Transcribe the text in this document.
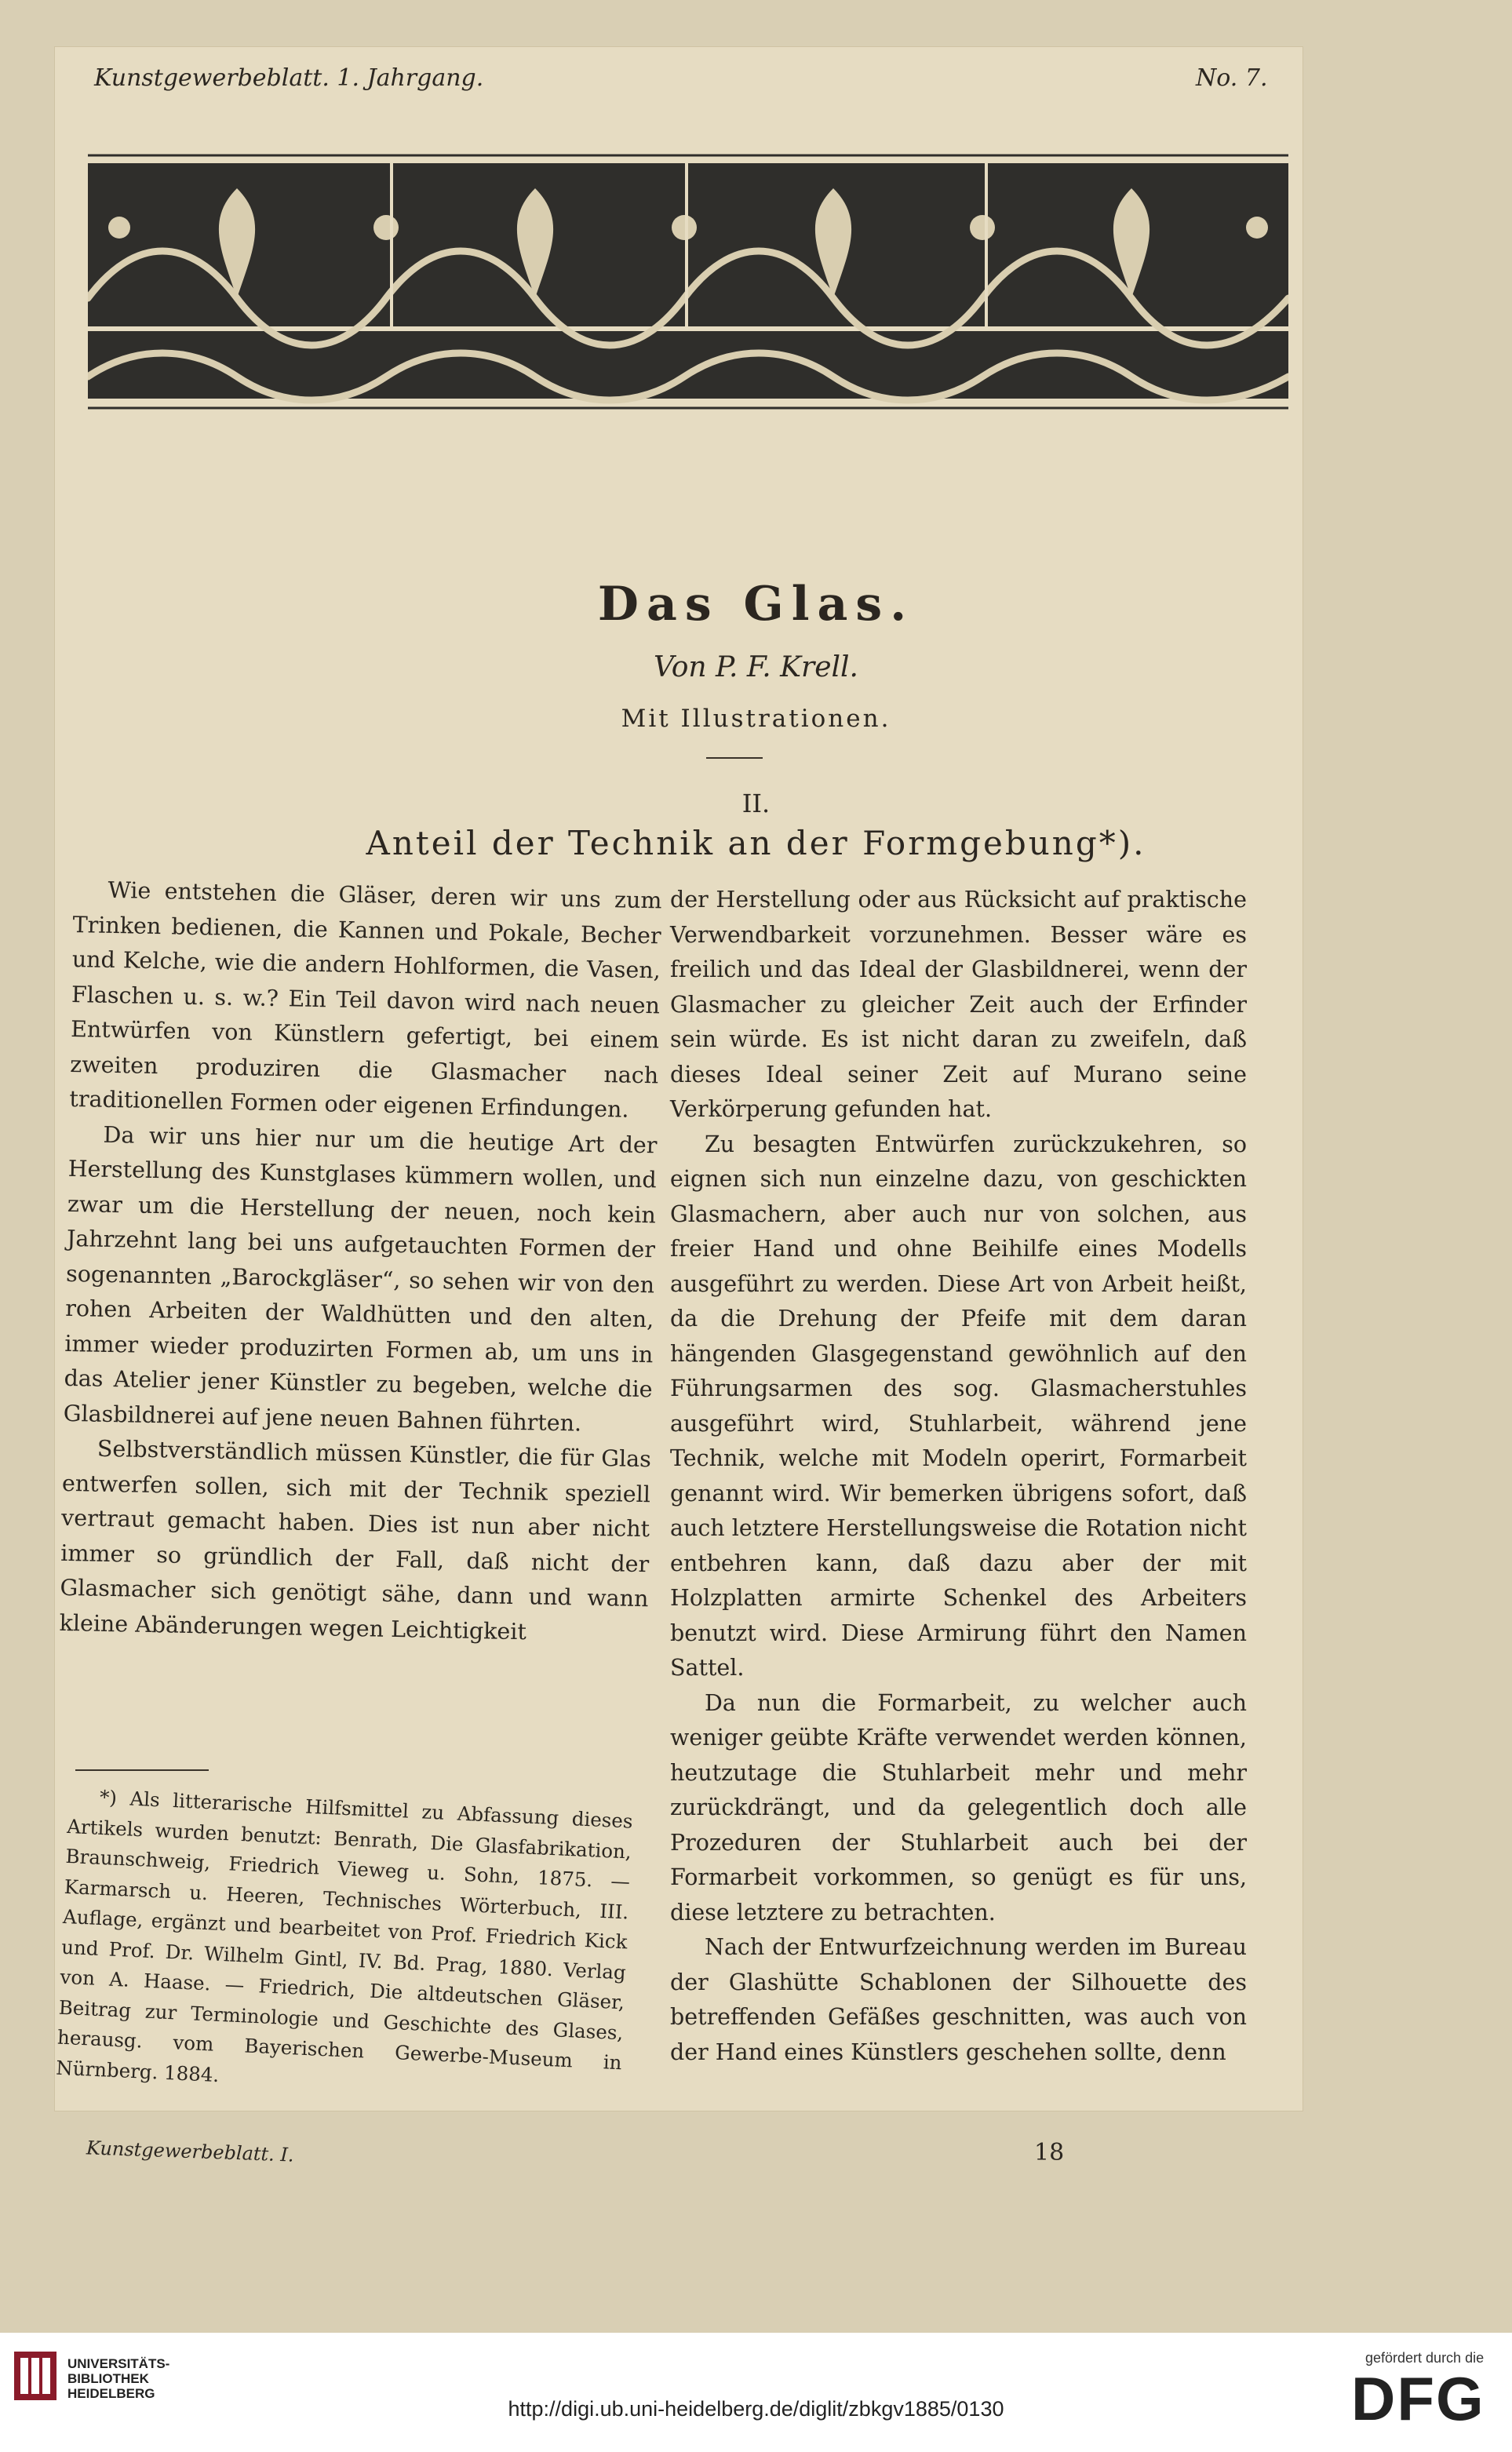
Kunstgewerbeblatt. 1. Jahrgang.	No. 7.
Das Glas.
Von P. F. Krell.
Mit Illustrationen.
II.
Anteil der Technik an der Formgebung*).

Wie entstehen die Gläser, deren wir uns zum Trinken bedienen, die Kannen und Pokale, Becher und Kelche, wie die andern Hohlformen, die Vasen, Flaschen u. s. w.? Ein Teil davon wird nach neuen Entwürfen von Künstlern gefertigt, bei einem zweiten produziren die Glasmacher nach traditionellen Formen oder eigenen Erfindungen.

Da wir uns hier nur um die heutige Art der Herstellung des Kunstglases kümmern wollen, und zwar um die Herstellung der neuen, noch kein Jahrzehnt lang bei uns aufgetauchten Formen der sogenannten „Barockgläser“, so sehen wir von den rohen Arbeiten der Waldhütten und den alten, immer wieder produzirten Formen ab, um uns in das Atelier jener Künstler zu begeben, welche die Glasbildnerei auf jene neuen Bahnen führten.

Selbstverständlich müssen Künstler, die für Glas entwerfen sollen, sich mit der Technik speziell vertraut gemacht haben. Dies ist nun aber nicht immer so gründlich der Fall, daß nicht der Glasmacher sich genötigt sähe, dann und wann kleine Abänderungen wegen Leichtigkeit

der Herstellung oder aus Rücksicht auf praktische Verwendbarkeit vorzunehmen. Besser wäre es freilich und das Ideal der Glasbildnerei, wenn der Glasmacher zu gleicher Zeit auch der Erfinder sein würde. Es ist nicht daran zu zweifeln, daß dieses Ideal seiner Zeit auf Murano seine Verkörperung gefunden hat.

Zu besagten Entwürfen zurückzukehren, so eignen sich nun einzelne dazu, von geschickten Glasmachern, aber auch nur von solchen, aus freier Hand und ohne Beihilfe eines Modells ausgeführt zu werden. Diese Art von Arbeit heißt, da die Drehung der Pfeife mit dem daran hängenden Glasgegenstand gewöhnlich auf den Führungsarmen des sog. Glasmacherstuhles ausgeführt wird, Stuhlarbeit, während jene Technik, welche mit Modeln operirt, Formarbeit genannt wird. Wir bemerken übrigens sofort, daß auch letztere Herstellungsweise die Rotation nicht entbehren kann, daß dazu aber der mit Holzplatten armirte Schenkel des Arbeiters benutzt wird. Diese Armirung führt den Namen Sattel.

Da nun die Formarbeit, zu welcher auch weniger geübte Kräfte verwendet werden können, heutzutage die Stuhlarbeit mehr und mehr zurückdrängt, und da gelegentlich doch alle Prozeduren der Stuhlarbeit auch bei der Formarbeit vorkommen, so genügt es für uns, diese letztere zu betrachten.

Nach der Entwurfzeichnung werden im Bureau der Glashütte Schablonen der Silhouette des betreffenden Gefäßes geschnitten, was auch von der Hand eines Künstlers geschehen sollte, denn

*) Als litterarische Hilfsmittel zu Abfassung dieses Artikels wurden benutzt: Benrath, Die Glasfabrikation, Braunschweig, Friedrich Vieweg u. Sohn, 1875. — Karmarsch u. Heeren, Technisches Wörterbuch, III. Auflage, ergänzt und bearbeitet von Prof. Friedrich Kick und Prof. Dr. Wilhelm Gintl, IV. Bd. Prag, 1880. Verlag von A. Haase. — Friedrich, Die altdeutschen Gläser, Beitrag zur Terminologie und Geschichte des Glases, herausg. vom Bayerischen Gewerbe-Museum in Nürnberg. 1884.

Kunstgewerbeblatt. I.	18
UNIVERSITÄTS-
BIBLIOTHEK
HEIDELBERG
http://digi.ub.uni-heidelberg.de/diglit/zbkgv1885/0130
gefördert durch die
DFG
